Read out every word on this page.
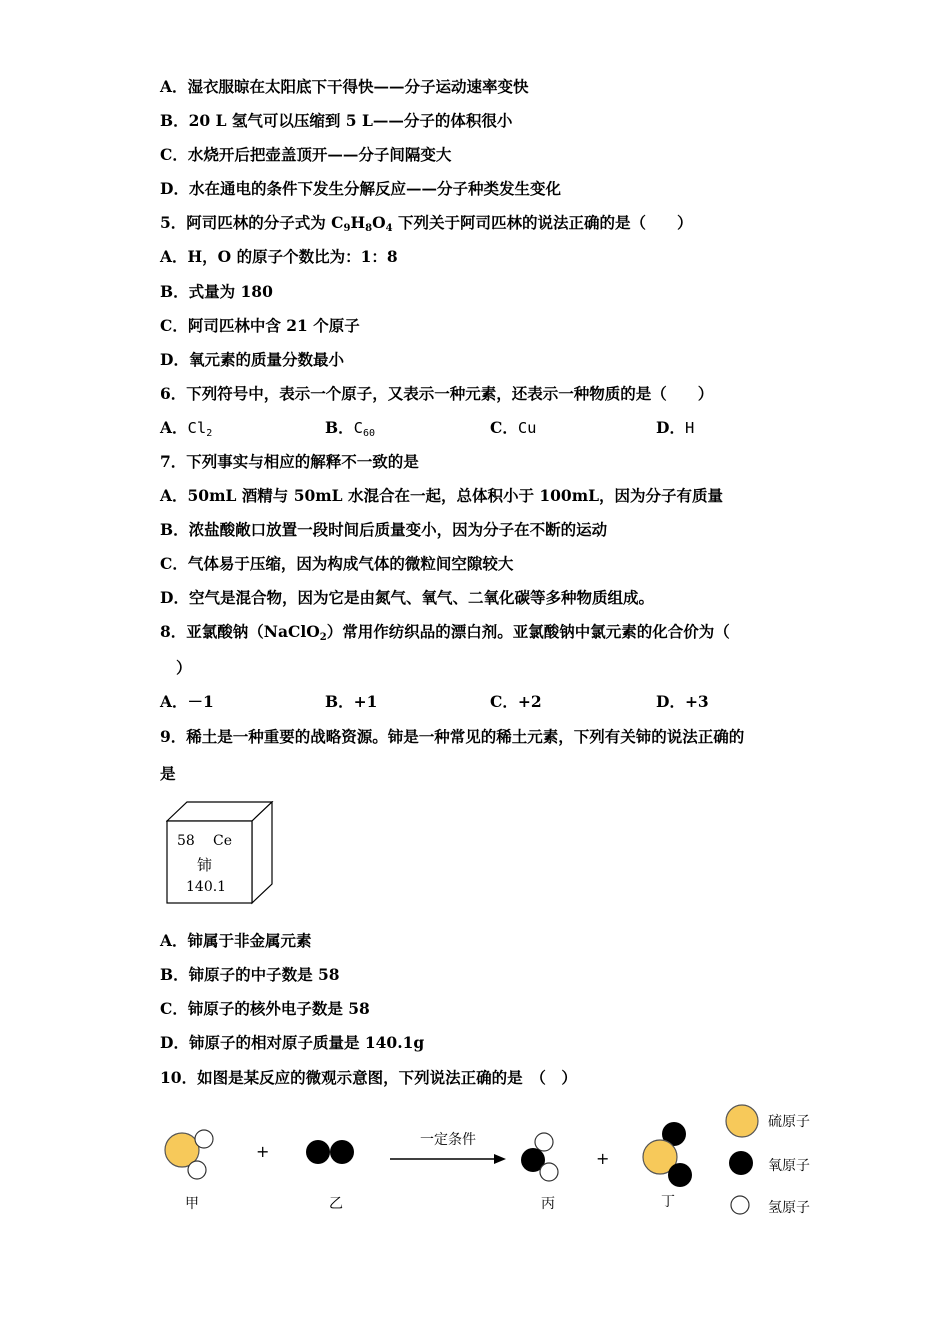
A．湿衣服晾在太阳底下干得快——分子运动速率变快
B．20 L 氢气可以压缩到 5 L——分子的体积很小
C．水烧开后把壶盖顶开——分子间隔变大
D．水在通电的条件下发生分解反应——分子种类发生变化
5．阿司匹林的分子式为 $C_9H_8O_4$ 下列关于阿司匹林的说法正确的是（　　）
A．H，O 的原子个数比为：1：8
B．式量为 180
C．阿司匹林中含 21 个原子
D．氧元素的质量分数最小
6．下列符号中，表示一个原子，又表示一种元素，还表示一种物质的是（　　）
A．$Cl_2$	B．$C_{60}$	C．Cu	D．H
7．下列事实与相应的解释不一致的是
A．50mL 酒精与 50mL 水混合在一起，总体积小于 100mL，因为分子有质量
B．浓盐酸敞口放置一段时间后质量变小，因为分子在不断的运动
C．气体易于压缩，因为构成气体的微粒间空隙较大
D．空气是混合物，因为它是由氮气、氧气、二氧化碳等多种物质组成。
8．亚氯酸钠（NaClO$_2$）常用作纺织品的漂白剂。亚氯酸钠中氯元素的化合价为（
）
A．－1	B．+1	C．+2	D．+3
9．稀土是一种重要的战略资源。铈是一种常见的稀土元素，下列有关铈的说法正确的
是
58 Ce
铈
140.1
A．铈属于非金属元素
B．铈原子的中子数是 58
C．铈原子的核外电子数是 58
D．铈原子的相对原子质量是 140.1g
10．如图是某反应的微观示意图，下列说法正确的是　（　）
+	+
一定条件
甲	乙	丙	丁
硫原子
氧原子
氢原子
